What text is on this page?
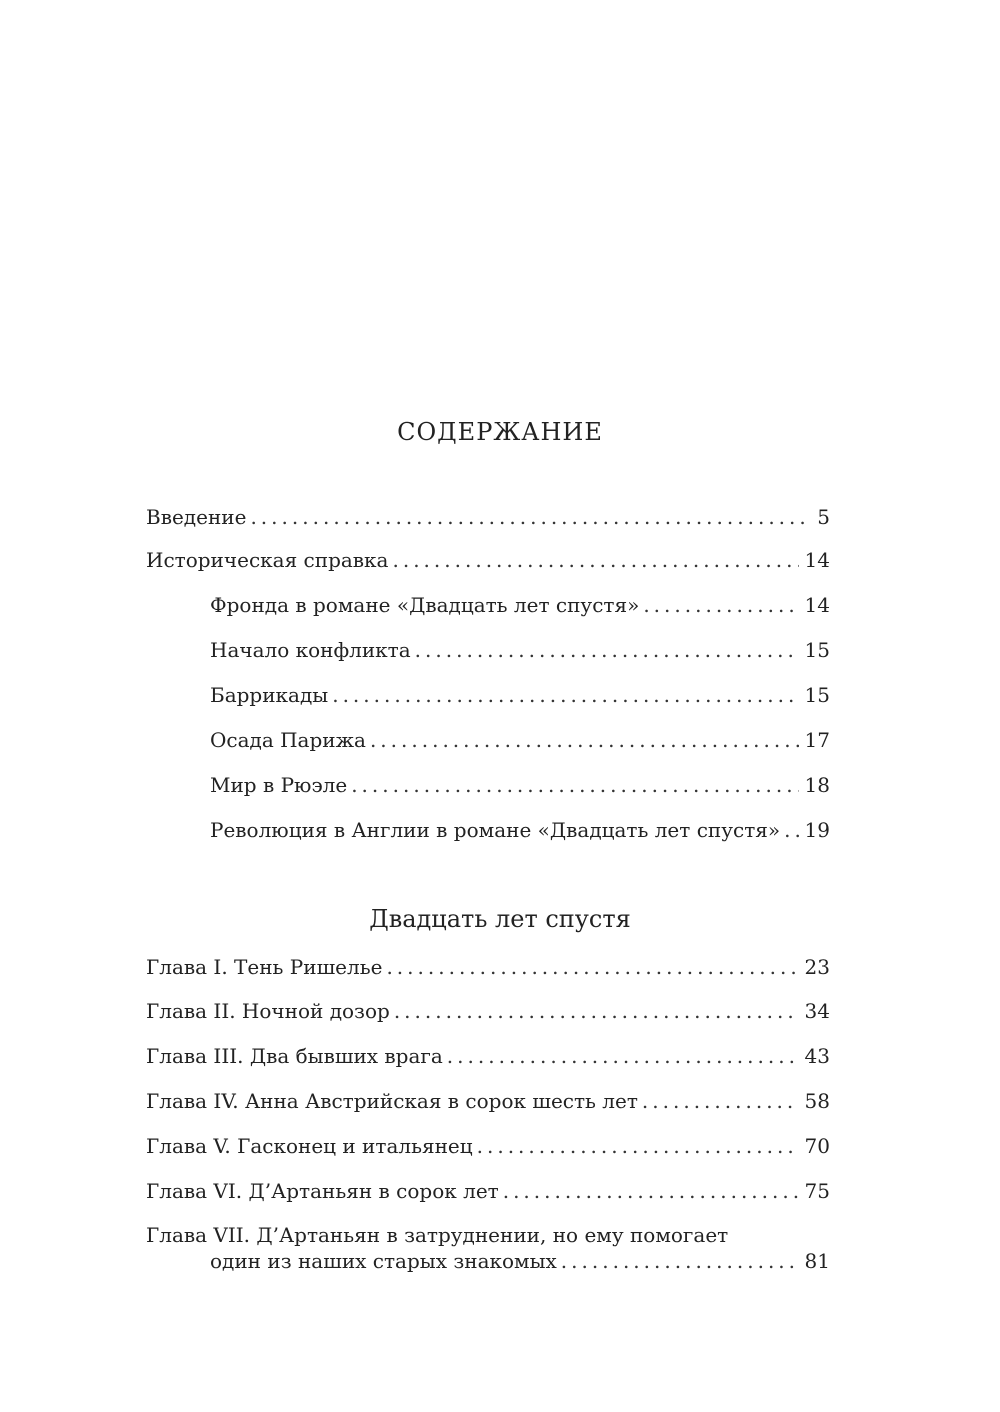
СОДЕРЖАНИЕ
Введение .....	5
Историческая справка .....	14
Фронда в романе «Двадцать лет спустя» .....	14
Начало конфликта .....	15
Баррикады .....	15
Осада Парижа .....	17
Мир в Рюэле .....	18
Революция в Англии в романе «Двадцать лет спустя» ..... 19
Двадцать лет спустя
Глава I. Тень Ришелье .....	23
Глава II. Ночной дозор .....	34
Глава III. Два бывших врага .....	43
Глава IV. Анна Австрийская в сорок шесть лет .....	58
Глава V. Гасконец и итальянец .....	70
Глава VI. Д’Артаньян в сорок лет .....	75
Глава VII. Д’Артаньян в затруднении, но ему помогает
один из наших старых знакомых .....	81
